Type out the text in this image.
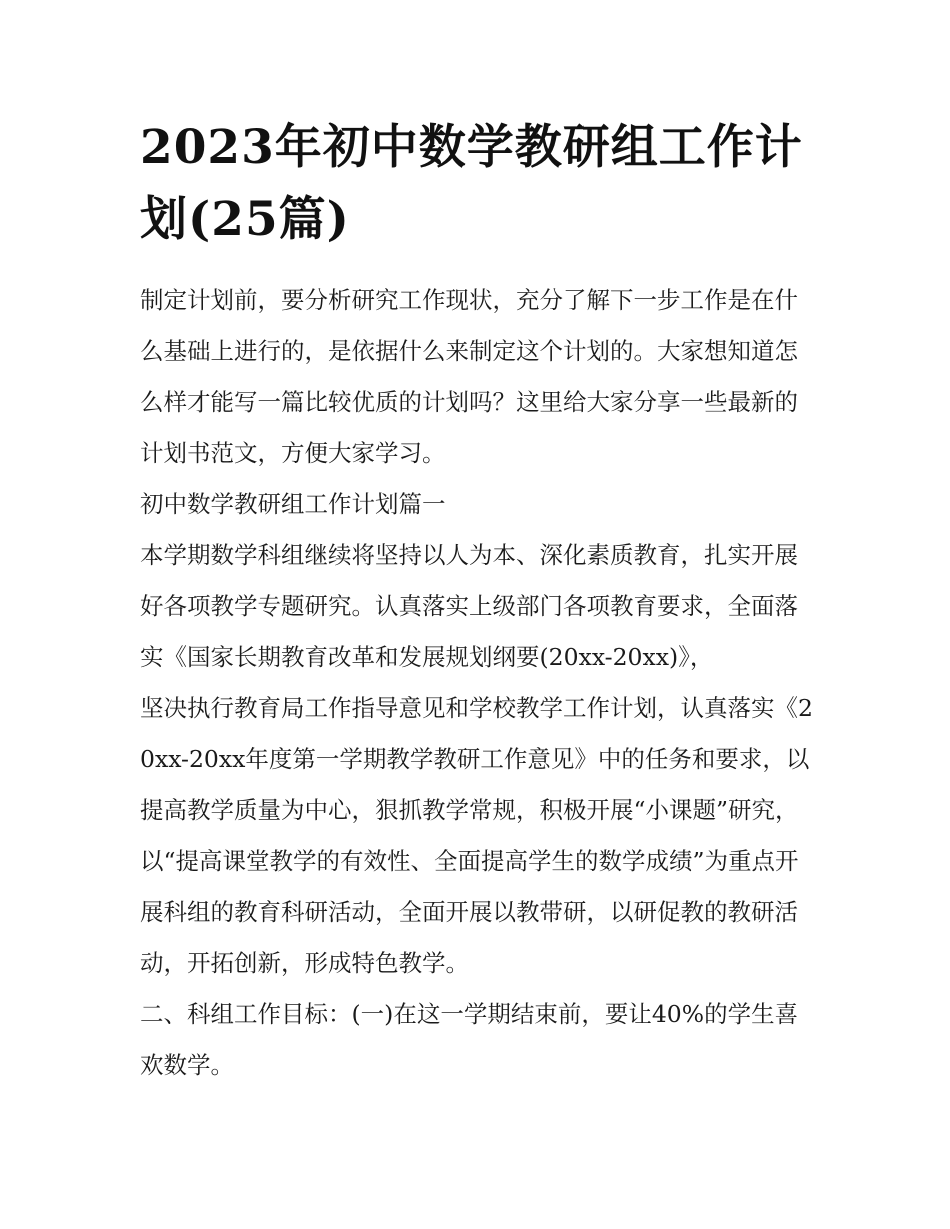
2023年初中数学教研组工作计划(25篇)

制定计划前，要分析研究工作现状，充分了解下一步工作是在什么基础上进行的，是依据什么来制定这个计划的。大家想知道怎么样才能写一篇比较优质的计划吗？这里给大家分享一些最新的计划书范文，方便大家学习。

初中数学教研组工作计划篇一

本学期数学科组继续将坚持以人为本、深化素质教育，扎实开展好各项教学专题研究。认真落实上级部门各项教育要求，全面落实《国家长期教育改革和发展规划纲要(20xx-20xx)》，

坚决执行教育局工作指导意见和学校教学工作计划，认真落实《20xx-20xx年度第一学期教学教研工作意见》中的任务和要求，以提高教学质量为中心，狠抓教学常规，积极开展“小课题”研究，以“提高课堂教学的有效性、全面提高学生的数学成绩”为重点开展科组的教育科研活动，全面开展以教带研，以研促教的教研活动，开拓创新，形成特色教学。

二、科组工作目标：(一)在这一学期结束前，要让40%的学生喜欢数学。
